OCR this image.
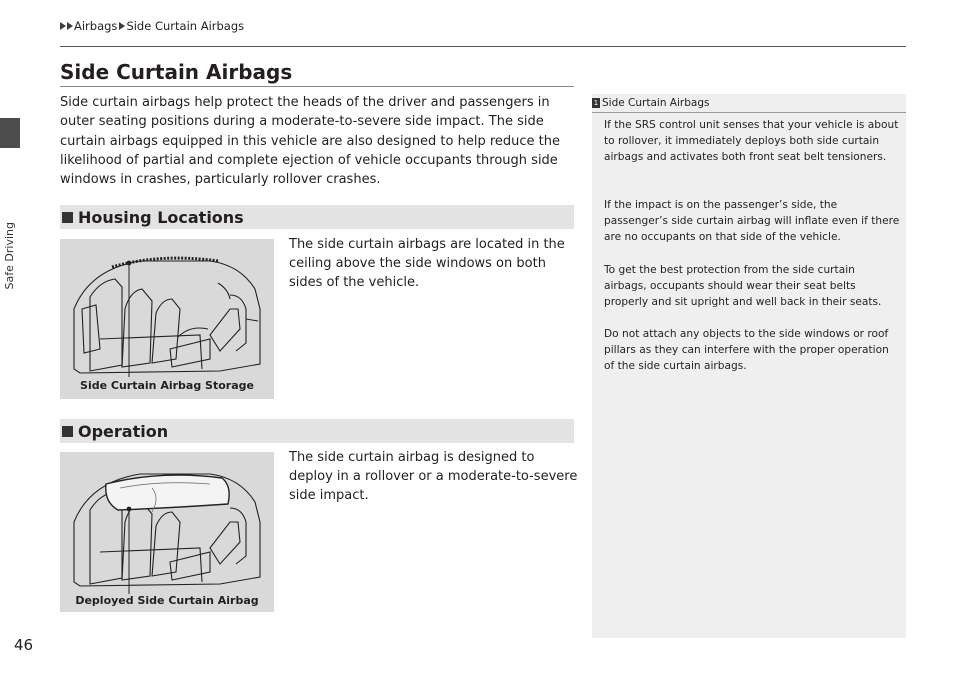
Safe Driving
46
Airbags Side Curtain Airbags
Side Curtain Airbags

Side curtain airbags help protect the heads of the driver and passengers in outer seating positions during a moderate-to-severe side impact. The side curtain airbags equipped in this vehicle are also designed to help reduce the likelihood of partial and complete ejection of vehicle occupants through side windows in crashes, particularly rollover crashes.

Housing Locations
Side Curtain Airbag Storage

The side curtain airbags are located in the ceiling above the side windows on both sides of the vehicle.

Operation
Deployed Side Curtain Airbag

The side curtain airbag is designed to deploy in a rollover or a moderate-to-severe side impact.

1 Side Curtain Airbags

If the SRS control unit senses that your vehicle is about to rollover, it immediately deploys both side curtain airbags and activates both front seat belt tensioners.

If the impact is on the passenger’s side, the passenger’s side curtain airbag will inflate even if there are no occupants on that side of the vehicle.

To get the best protection from the side curtain airbags, occupants should wear their seat belts properly and sit upright and well back in their seats.

Do not attach any objects to the side windows or roof pillars as they can interfere with the proper operation of the side curtain airbags.
